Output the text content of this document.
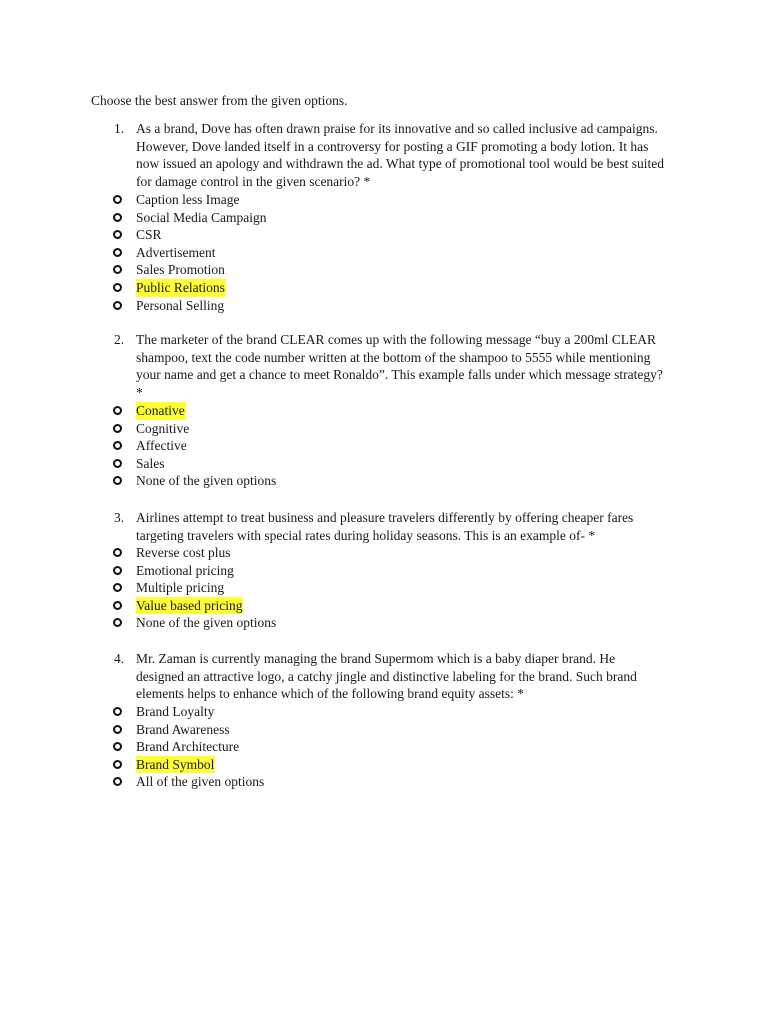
Choose the best answer from the given options.
1. As a brand, Dove has often drawn praise for its innovative and so called inclusive ad campaigns.
However, Dove landed itself in a controversy for posting a GIF promoting a body lotion. It has
now issued an apology and withdrawn the ad. What type of promotional tool would be best suited
for damage control in the given scenario? *
Caption less Image
Social Media Campaign
CSR
Advertisement
Sales Promotion
Public Relations
Personal Selling
2. The marketer of the brand CLEAR comes up with the following message “buy a 200ml CLEAR
shampoo, text the code number written at the bottom of the shampoo to 5555 while mentioning
your name and get a chance to meet Ronaldo”. This example falls under which message strategy?
*
Conative
Cognitive
Affective
Sales
None of the given options
3. Airlines attempt to treat business and pleasure travelers differently by offering cheaper fares
targeting travelers with special rates during holiday seasons. This is an example of- *
Reverse cost plus
Emotional pricing
Multiple pricing
Value based pricing
None of the given options
4. Mr. Zaman is currently managing the brand Supermom which is a baby diaper brand. He
designed an attractive logo, a catchy jingle and distinctive labeling for the brand. Such brand
elements helps to enhance which of the following brand equity assets: *
Brand Loyalty
Brand Awareness
Brand Architecture
Brand Symbol
All of the given options
